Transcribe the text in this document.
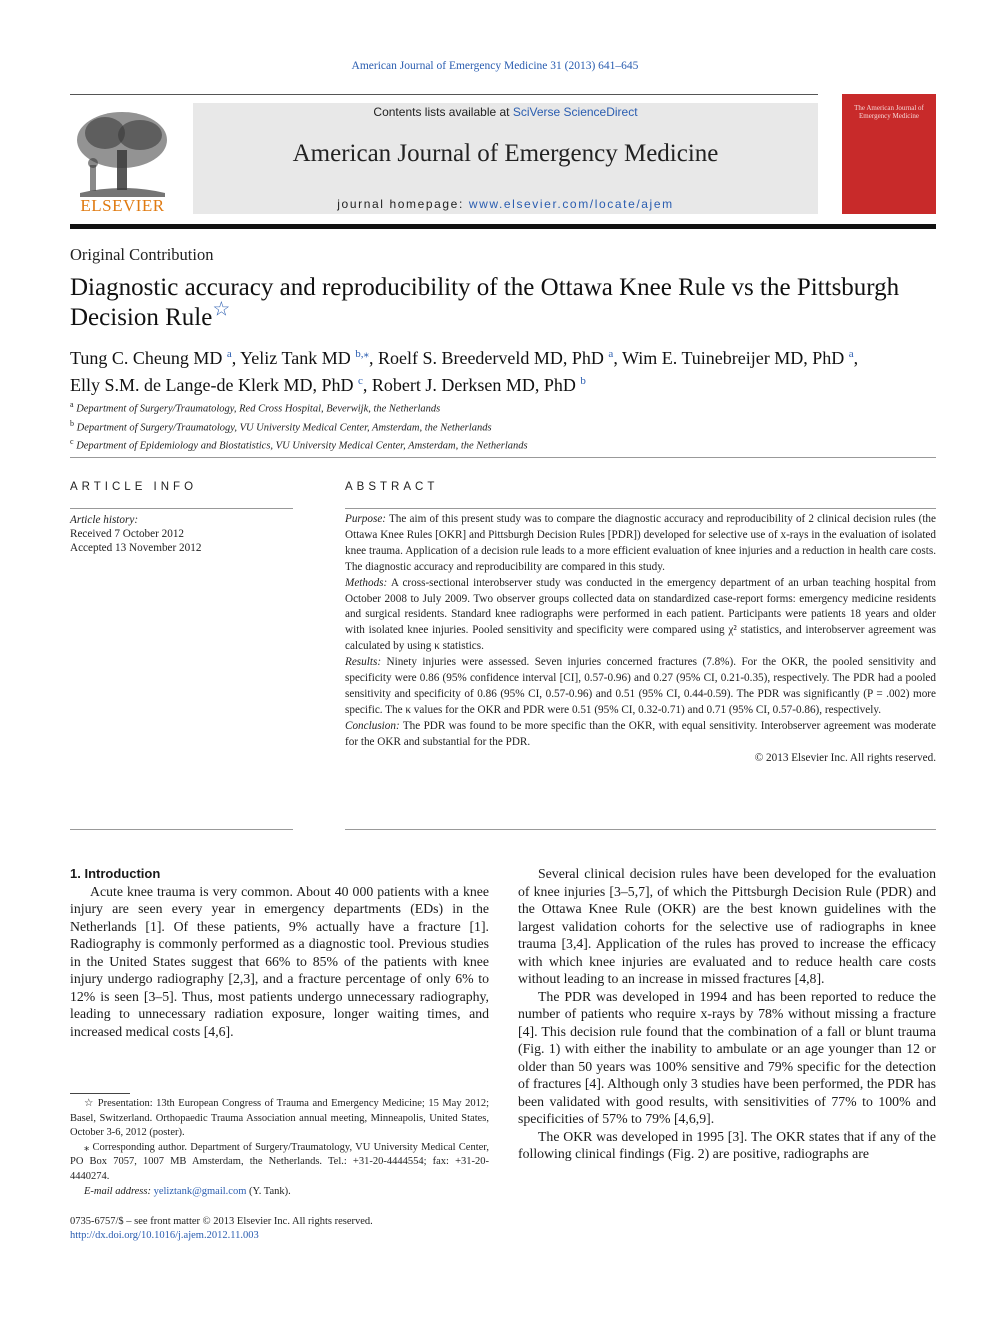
American Journal of Emergency Medicine 31 (2013) 641–645
ELSEVIER
Contents lists available at SciVerse ScienceDirect
American Journal of Emergency Medicine
journal homepage: www.elsevier.com/locate/ajem
The American Journal of Emergency Medicine
Original Contribution
Diagnostic accuracy and reproducibility of the Ottawa Knee Rule vs the Pittsburgh Decision Rule☆
Tung C. Cheung MD $^a$, Yeliz Tank MD $^{b,⁎}$, Roelf S. Breederveld MD, PhD $^a$, Wim E. Tuinebreijer MD, PhD $^a$,
Elly S.M. de Lange-de Klerk MD, PhD $^c$, Robert J. Derksen MD, PhD $^b$
$^a$ Department of Surgery/Traumatology, Red Cross Hospital, Beverwijk, the Netherlands
$^b$ Department of Surgery/Traumatology, VU University Medical Center, Amsterdam, the Netherlands
$^c$ Department of Epidemiology and Biostatistics, VU University Medical Center, Amsterdam, the Netherlands
ARTICLE INFO	ABSTRACT
Article history:
Received 7 October 2012
Accepted 13 November 2012

Purpose: The aim of this present study was to compare the diagnostic accuracy and reproducibility of 2 clinical decision rules (the Ottawa Knee Rules [OKR] and Pittsburgh Decision Rules [PDR]) developed for selective use of x-rays in the evaluation of isolated knee trauma. Application of a decision rule leads to a more efficient evaluation of knee injuries and a reduction in health care costs. The diagnostic accuracy and reproducibility are compared in this study.

Methods: A cross-sectional interobserver study was conducted in the emergency department of an urban teaching hospital from October 2008 to July 2009. Two observer groups collected data on standardized case-report forms: emergency medicine residents and surgical residents. Standard knee radiographs were performed in each patient. Participants were patients 18 years and older with isolated knee injuries. Pooled sensitivity and specificity were compared using χ² statistics, and interobserver agreement was calculated by using κ statistics.

Results: Ninety injuries were assessed. Seven injuries concerned fractures (7.8%). For the OKR, the pooled sensitivity and specificity were 0.86 (95% confidence interval [CI], 0.57-0.96) and 0.27 (95% CI, 0.21-0.35), respectively. The PDR had a pooled sensitivity and specificity of 0.86 (95% CI, 0.57-0.96) and 0.51 (95% CI, 0.44-0.59). The PDR was significantly (P = .002) more specific. The κ values for the OKR and PDR were 0.51 (95% CI, 0.32-0.71) and 0.71 (95% CI, 0.57-0.86), respectively.

Conclusion: The PDR was found to be more specific than the OKR, with equal sensitivity. Interobserver agreement was moderate for the OKR and substantial for the PDR.

© 2013 Elsevier Inc. All rights reserved.

1. Introduction

Acute knee trauma is very common. About 40 000 patients with a knee injury are seen every year in emergency departments (EDs) in the Netherlands [1]. Of these patients, 9% actually have a fracture [1]. Radiography is commonly performed as a diagnostic tool. Previous studies in the United States suggest that 66% to 85% of the patients with knee injury undergo radiography [2,3], and a fracture percentage of only 6% to 12% is seen [3–5]. Thus, most patients undergo unnecessary radiography, leading to unnecessary radiation exposure, longer waiting times, and increased medical costs [4,6].

Several clinical decision rules have been developed for the evaluation of knee injuries [3–5,7], of which the Pittsburgh Decision Rule (PDR) and the Ottawa Knee Rule (OKR) are the best known guidelines with the largest validation cohorts for the selective use of radiographs in knee trauma [3,4]. Application of the rules has proved to increase the efficacy with which knee injuries are evaluated and to reduce health care costs without leading to an increase in missed fractures [4,8].

The PDR was developed in 1994 and has been reported to reduce the number of patients who require x-rays by 78% without missing a fracture [4]. This decision rule found that the combination of a fall or blunt trauma (Fig. 1) with either the inability to ambulate or an age younger than 12 or older than 50 years was 100% sensitive and 79% specific for the detection of fractures [4]. Although only 3 studies have been performed, the PDR has been validated with good results, with sensitivities of 77% to 100% and specificities of 57% to 79% [4,6,9].

The OKR was developed in 1995 [3]. The OKR states that if any of the following clinical findings (Fig. 2) are positive, radiographs are

☆ Presentation: 13th European Congress of Trauma and Emergency Medicine; 15 May 2012; Basel, Switzerland. Orthopaedic Trauma Association annual meeting, Minneapolis, United States, October 3-6, 2012 (poster).

⁎ Corresponding author. Department of Surgery/Traumatology, VU University Medical Center, PO Box 7057, 1007 MB Amsterdam, the Netherlands. Tel.: +31-20-4444554; fax: +31-20-4440274.

E-mail address: yeliztank@gmail.com (Y. Tank).

0735-6757/$ – see front matter © 2013 Elsevier Inc. All rights reserved.
http://dx.doi.org/10.1016/j.ajem.2012.11.003
